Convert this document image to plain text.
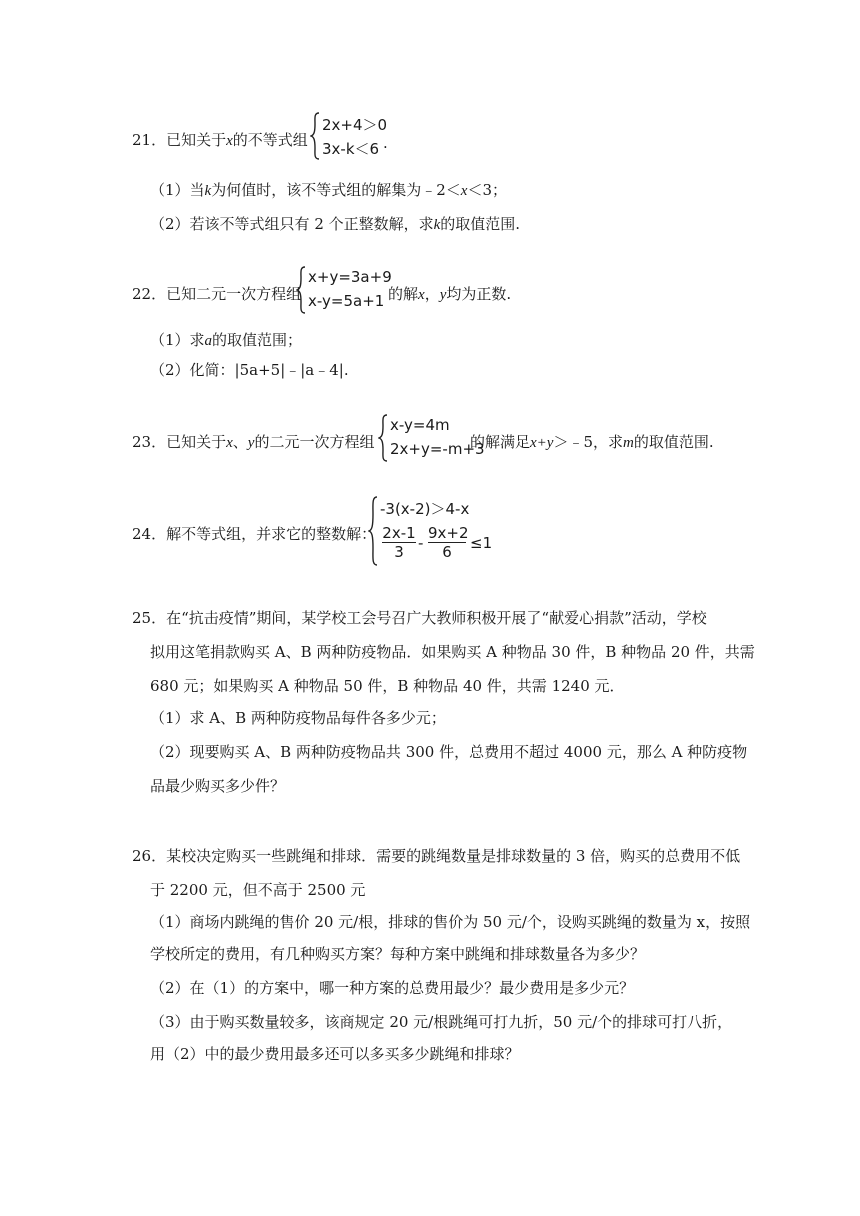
21．已知关于x的不等式组
2x+4＞0
3x-k＜6 .
（1）当k为何值时，该不等式组的解集为﹣2＜x＜3；
（2）若该不等式组只有 2 个正整数解，求k的取值范围.
22．已知二元一次方程组
x+y=3a+9
x-y=5a+1 的解x，y均为正数.
（1）求a的取值范围；
（2）化简：|5a+5|﹣|a﹣4|.
23．已知关于x、y的二元一次方程组
x-y=4m
2x+y=-m+3
的解满足x+y＞﹣5，求m的取值范围.
24．解不等式组，并求它的整数解：
-3(x-2)＞4-x
$\frac{2x-1}{3} - \frac{9x+2}{6} \le 1$
25．在“抗击疫情”期间，某学校工会号召广大教师积极开展了“献爱心捐款”活动，学校
拟用这笔捐款购买 A、B 两种防疫物品．如果购买 A 种物品 30 件，B 种物品 20 件，共需
680 元；如果购买 A 种物品 50 件，B 种物品 40 件，共需 1240 元．
（1）求 A、B 两种防疫物品每件各多少元；
（2）现要购买 A、B 两种防疫物品共 300 件，总费用不超过 4000 元，那么 A 种防疫物
品最少购买多少件？
26．某校决定购买一些跳绳和排球．需要的跳绳数量是排球数量的 3 倍，购买的总费用不低
于 2200 元，但不高于 2500 元
（1）商场内跳绳的售价 20 元/根，排球的售价为 50 元/个，设购买跳绳的数量为 x，按照
学校所定的费用，有几种购买方案？每种方案中跳绳和排球数量各为多少？
（2）在（1）的方案中，哪一种方案的总费用最少？最少费用是多少元？
（3）由于购买数量较多，该商规定 20 元/根跳绳可打九折，50 元/个的排球可打八折，
用（2）中的最少费用最多还可以多买多少跳绳和排球？
